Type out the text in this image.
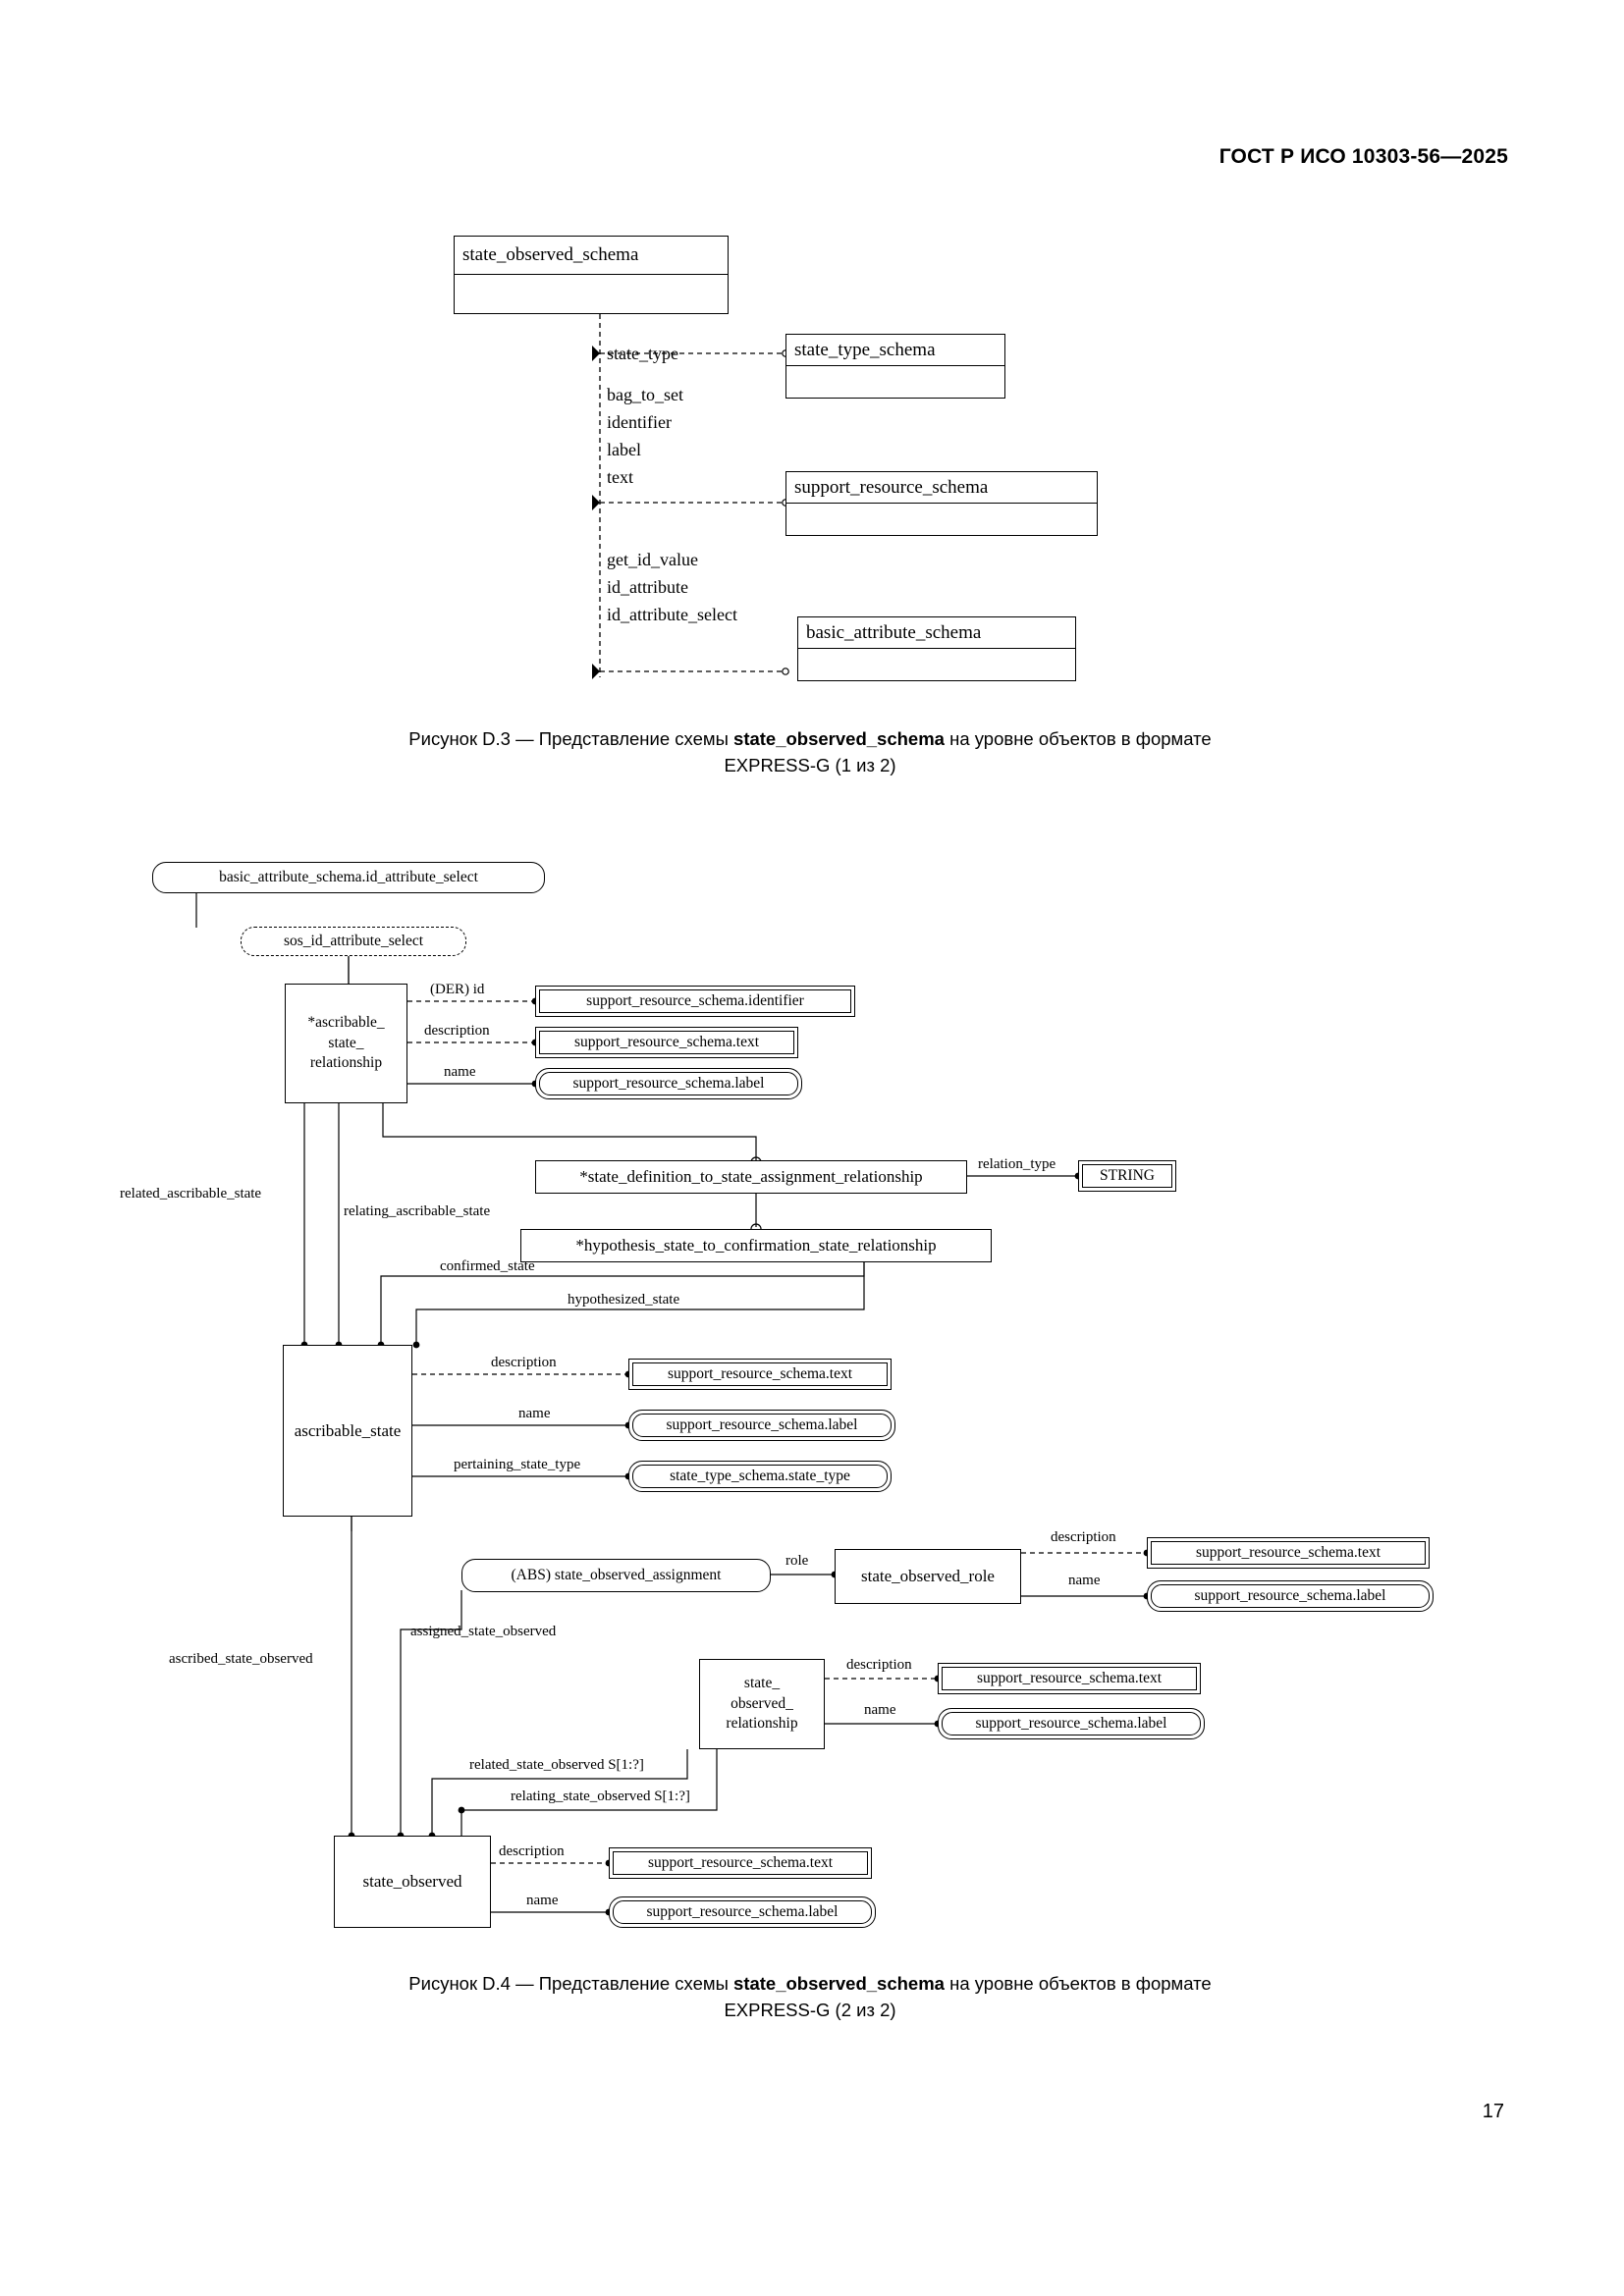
ГОСТ Р ИСО 10303-56—2025
17
state_observed_schema
state_type_schema
support_resource_schema
basic_attribute_schema
state_type
bag_to_set
identifier
label
text
get_id_value
id_attribute
id_attribute_select
Рисунок D.3 — Представление схемы state_observed_schema на уровне объектов в формате
EXPRESS-G (1 из 2)
basic_attribute_schema.id_attribute_select
sos_id_attribute_select
*ascribable_
state_
relationship
support_resource_schema.identifier
support_resource_schema.text
support_resource_schema.label
*state_definition_to_state_assignment_relationship	STRING
*hypothesis_state_to_confirmation_state_relationship
ascribable_state
support_resource_schema.text
support_resource_schema.label
state_type_schema.state_type
(ABS) state_observed_assignment	state_observed_role
support_resource_schema.text
support_resource_schema.label
state_
observed_
relationship
support_resource_schema.text
support_resource_schema.label
state_observed
support_resource_schema.text
support_resource_schema.label
(DER) id
description
name
relation_type
related_ascribable_state
relating_ascribable_state
confirmed_state
hypothesized_state
description
name
pertaining_state_type
role
description
name
ascribed_state_observed
assigned_state_observed
description
name
related_state_observed S[1:?]
relating_state_observed S[1:?]
description
name
Рисунок D.4 — Представление схемы state_observed_schema на уровне объектов в формате
EXPRESS-G (2 из 2)
